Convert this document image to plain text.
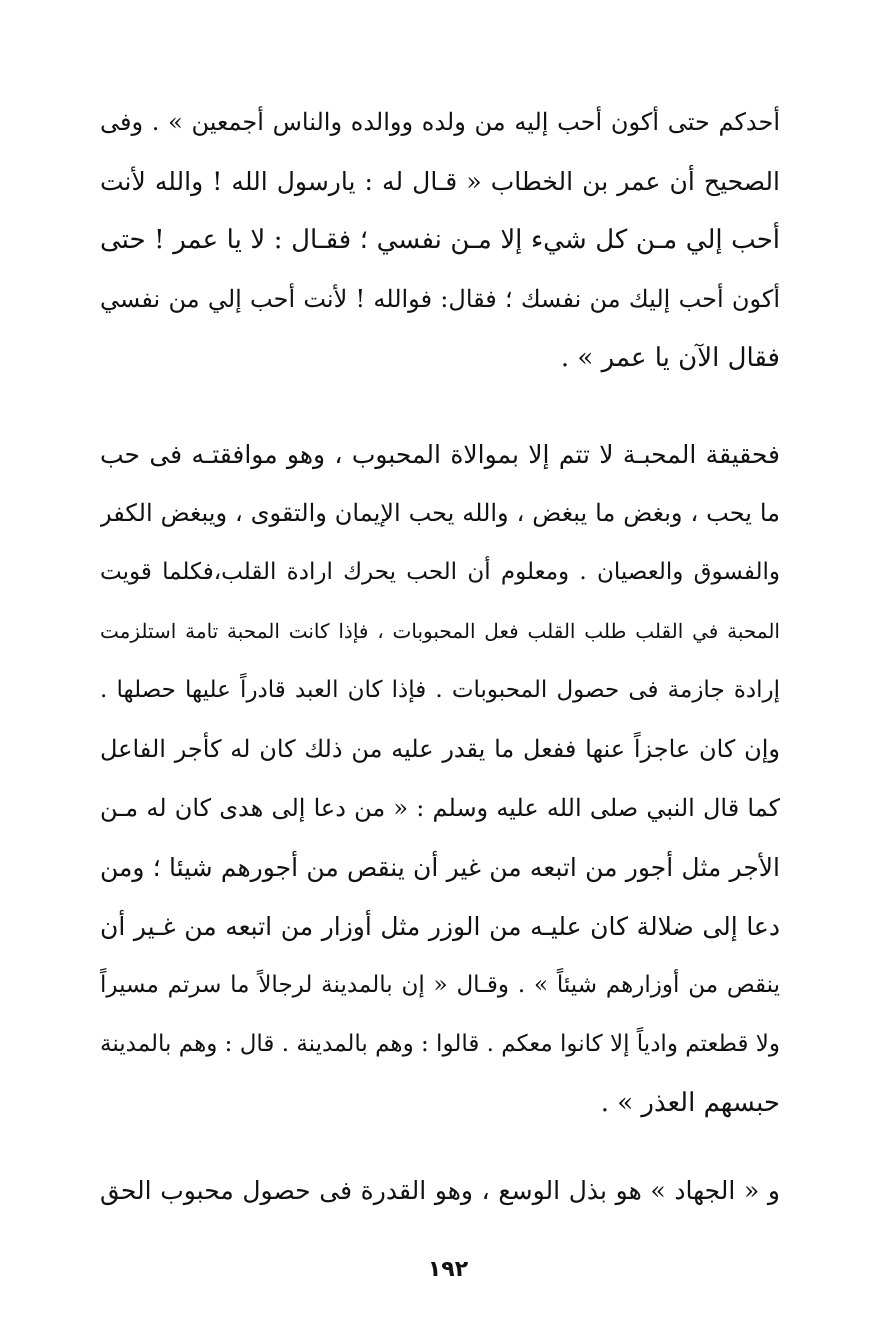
أحدكم حتى أكون أحب إليه من ولده ووالده والناس أجمعين » . وفى
الصحيح أن عمر بن الخطاب « قـال له : يارسول الله ! والله لأنت
أحب إلي مـن كل شيء إلا مـن نفسي ؛ فقـال : لا يا عمر ! حتى
أكون أحب إليك من نفسك ؛ فقال: فوالله ! لأنت أحب إلي من نفسي
فقال الآن يا عمر » .
فحقيقة المحبـة لا تتم إلا بموالاة المحبوب ، وهو موافقتـه فى حب
ما يحب ، وبغض ما يبغض ، والله يحب الإيمان والتقوى ، ويبغض الكفر
والفسوق والعصيان . ومعلوم أن الحب يحرك ارادة القلب،فكلما قويت
المحبة في القلب طلب القلب فعل المحبوبات ، فإذا كانت المحبة تامة استلزمت
إرادة جازمة فى حصول المحبوبات . فإذا كان العبد قادراً عليها حصلها .
وإن كان عاجزاً عنها ففعل ما يقدر عليه من ذلك كان له كأجر الفاعل
كما قال النبي صلى الله عليه وسلم : « من دعا إلى هدى كان له مـن
الأجر مثل أجور من اتبعه من غير أن ينقص من أجورهم شيئا ؛ ومن
دعا إلى ضلالة كان عليـه من الوزر مثل أوزار من اتبعه من غـير أن
ينقص من أوزارهم شيئاً » . وقـال « إن بالمدينة لرجالاً ما سرتم مسيراً
ولا قطعتم وادياً إلا كانوا معكم . قالوا : وهم بالمدينة . قال : وهم بالمدينة
حبسهم العذر » .
و « الجهاد » هو بذل الوسع ، وهو القدرة فى حصول محبوب الحق
١٩٢
